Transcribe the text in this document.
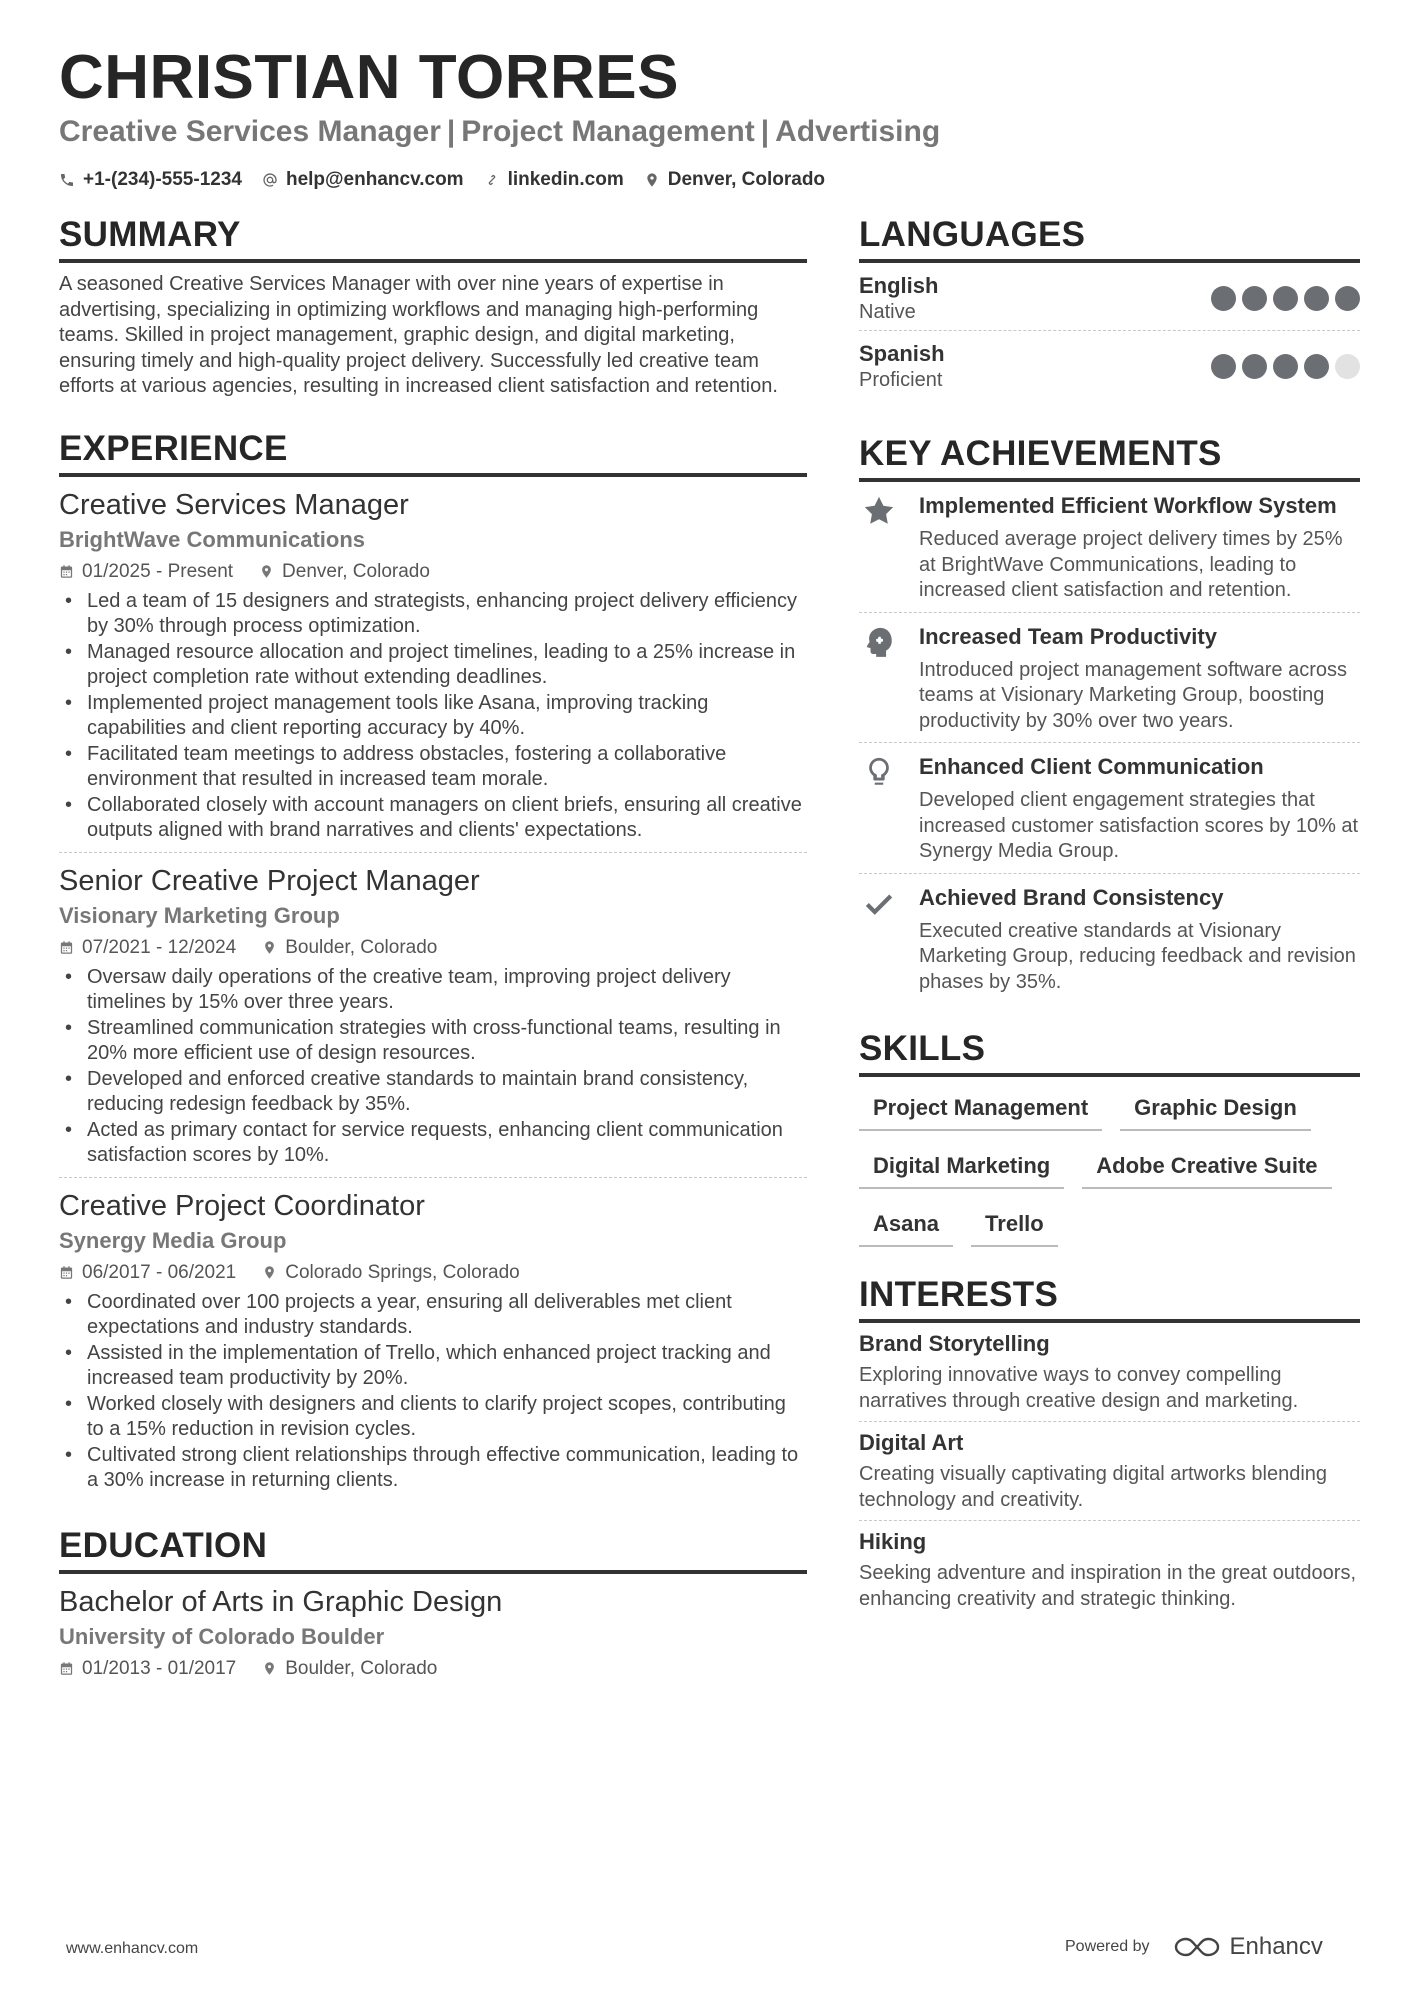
CHRISTIAN TORRES
Creative Services Manager | Project Management | Advertising
+1-(234)-555-1234 help@enhancv.com linkedin.com Denver, Colorado
SUMMARY
A seasoned Creative Services Manager with over nine years of expertise in advertising, specializing in optimizing workflows and managing high-performing teams. Skilled in project management, graphic design, and digital marketing, ensuring timely and high-quality project delivery. Successfully led creative team efforts at various agencies, resulting in increased client satisfaction and retention.
EXPERIENCE
Creative Services Manager
BrightWave Communications
01/2025 - Present	Denver, Colorado
• Led a team of 15 designers and strategists, enhancing project delivery efficiency by 30% through process optimization.
• Managed resource allocation and project timelines, leading to a 25% increase in project completion rate without extending deadlines.
• Implemented project management tools like Asana, improving tracking capabilities and client reporting accuracy by 40%.
• Facilitated team meetings to address obstacles, fostering a collaborative environment that resulted in increased team morale.
• Collaborated closely with account managers on client briefs, ensuring all creative outputs aligned with brand narratives and clients' expectations.
Senior Creative Project Manager
Visionary Marketing Group
07/2021 - 12/2024	Boulder, Colorado
• Oversaw daily operations of the creative team, improving project delivery timelines by 15% over three years.
• Streamlined communication strategies with cross-functional teams, resulting in 20% more efficient use of design resources.
• Developed and enforced creative standards to maintain brand consistency, reducing redesign feedback by 35%.
• Acted as primary contact for service requests, enhancing client communication satisfaction scores by 10%.
Creative Project Coordinator
Synergy Media Group
06/2017 - 06/2021	Colorado Springs, Colorado
• Coordinated over 100 projects a year, ensuring all deliverables met client expectations and industry standards.
• Assisted in the implementation of Trello, which enhanced project tracking and increased team productivity by 20%.
• Worked closely with designers and clients to clarify project scopes, contributing to a 15% reduction in revision cycles.
• Cultivated strong client relationships through effective communication, leading to a 30% increase in returning clients.
EDUCATION
Bachelor of Arts in Graphic Design
University of Colorado Boulder
01/2013 - 01/2017	Boulder, Colorado
LANGUAGES
English
Native
Spanish
Proficient
KEY ACHIEVEMENTS
Implemented Efficient Workflow System
Reduced average project delivery times by 25% at BrightWave Communications, leading to increased client satisfaction and retention.
Increased Team Productivity
Introduced project management software across teams at Visionary Marketing Group, boosting productivity by 30% over two years.
Enhanced Client Communication
Developed client engagement strategies that increased customer satisfaction scores by 10% at Synergy Media Group.
Achieved Brand Consistency
Executed creative standards at Visionary Marketing Group, reducing feedback and revision phases by 35%.
SKILLS
Project Management	Graphic Design
Digital Marketing	Adobe Creative Suite
Asana	Trello
INTERESTS
Brand Storytelling
Exploring innovative ways to convey compelling narratives through creative design and marketing.
Digital Art
Creating visually captivating digital artworks blending technology and creativity.
Hiking
Seeking adventure and inspiration in the great outdoors, enhancing creativity and strategic thinking.
www.enhancv.com	Powered by	Enhancv
